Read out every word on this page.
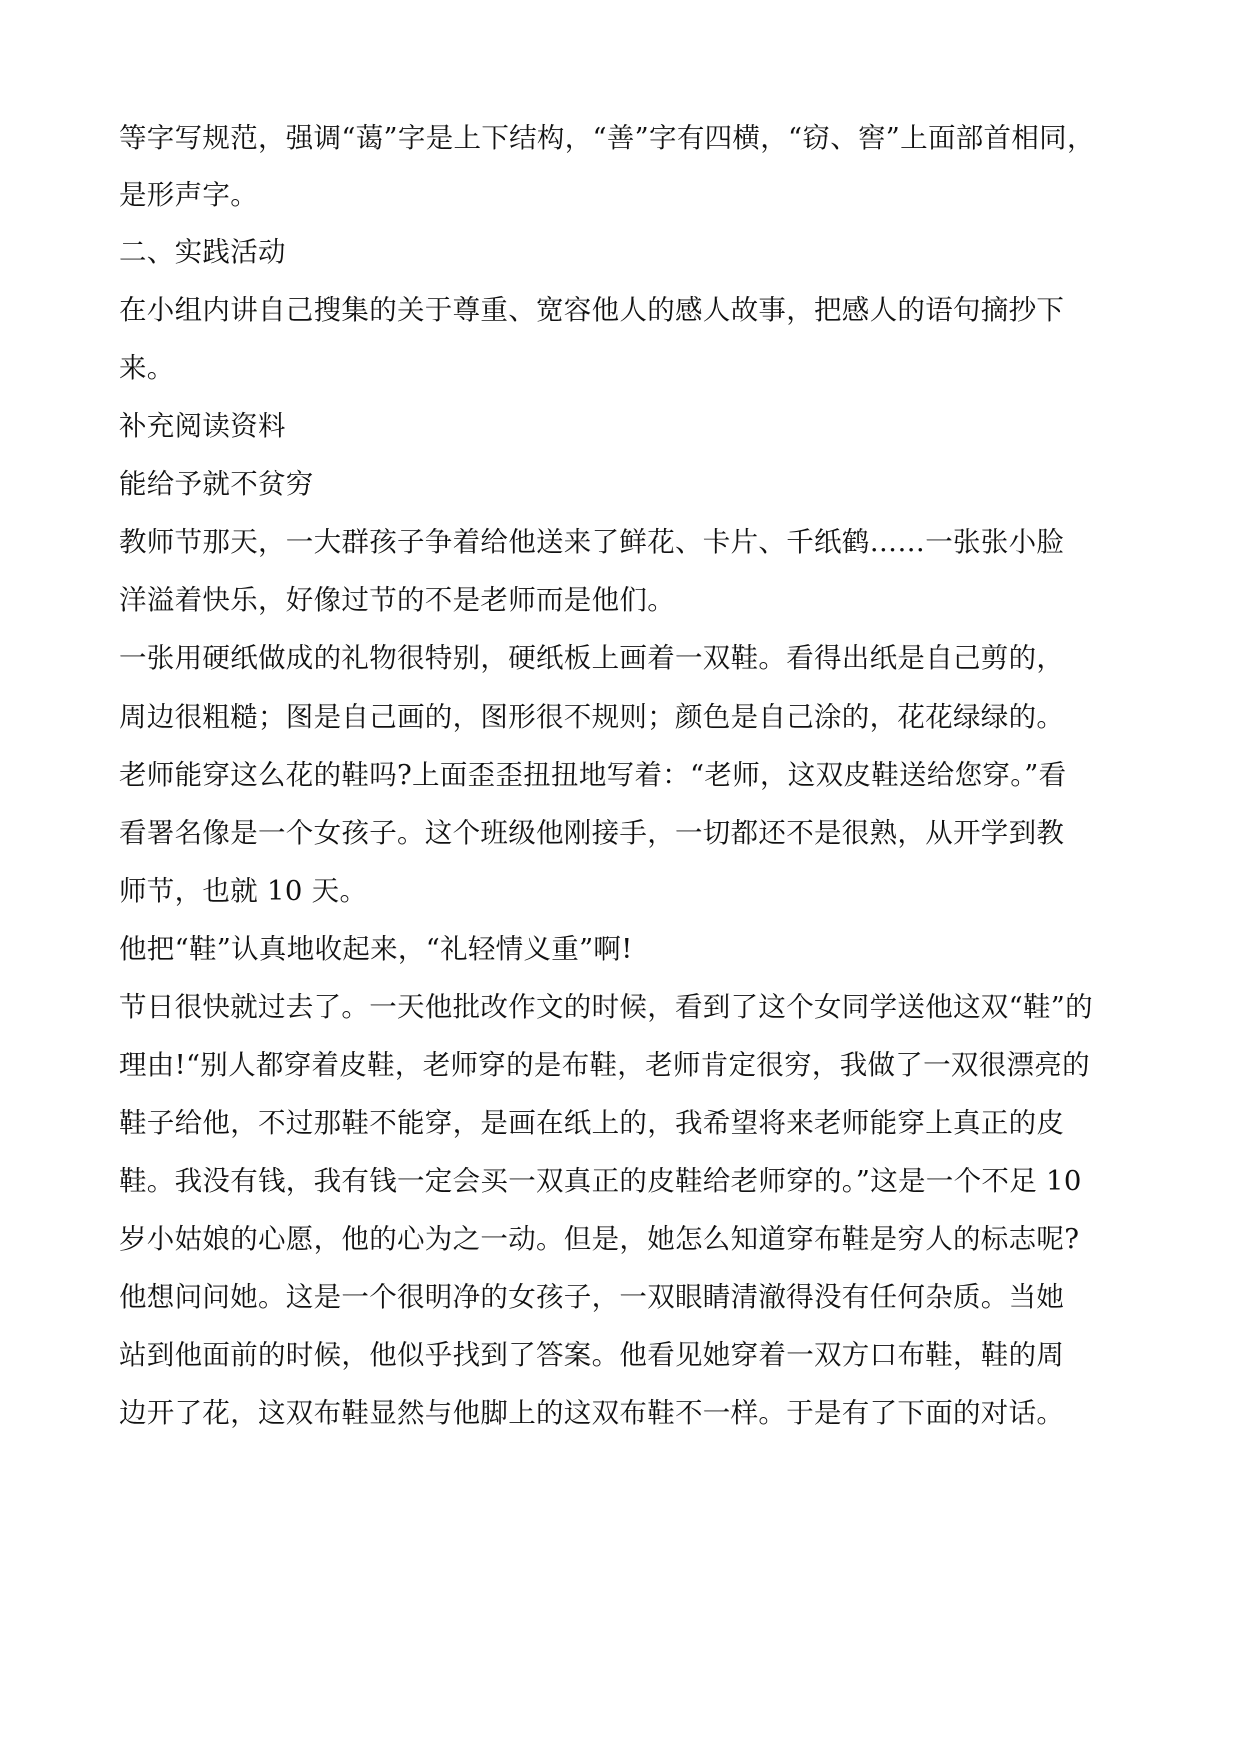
等字写规范，强调“蔼”字是上下结构，“善”字有四横，“窃、窖”上面部首相同，

是形声字。

二、实践活动

在小组内讲自己搜集的关于尊重、宽容他人的感人故事，把感人的语句摘抄下

来。

补充阅读资料

能给予就不贫穷

教师节那天，一大群孩子争着给他送来了鲜花、卡片、千纸鹤……一张张小脸

洋溢着快乐，好像过节的不是老师而是他们。

一张用硬纸做成的礼物很特别，硬纸板上画着一双鞋。看得出纸是自己剪的，

周边很粗糙；图是自己画的，图形很不规则；颜色是自己涂的，花花绿绿的。

老师能穿这么花的鞋吗?上面歪歪扭扭地写着：“老师，这双皮鞋送给您穿。”看

看署名像是一个女孩子。这个班级他刚接手，一切都还不是很熟，从开学到教

师节，也就 10 天。

他把“鞋”认真地收起来，“礼轻情义重”啊!

节日很快就过去了。一天他批改作文的时候，看到了这个女同学送他这双“鞋”的

理由!“别人都穿着皮鞋，老师穿的是布鞋，老师肯定很穷，我做了一双很漂亮的

鞋子给他，不过那鞋不能穿，是画在纸上的，我希望将来老师能穿上真正的皮

鞋。我没有钱，我有钱一定会买一双真正的皮鞋给老师穿的。”这是一个不足 10

岁小姑娘的心愿，他的心为之一动。但是，她怎么知道穿布鞋是穷人的标志呢?

他想问问她。这是一个很明净的女孩子，一双眼睛清澈得没有任何杂质。当她

站到他面前的时候，他似乎找到了答案。他看见她穿着一双方口布鞋，鞋的周

边开了花，这双布鞋显然与他脚上的这双布鞋不一样。于是有了下面的对话。
